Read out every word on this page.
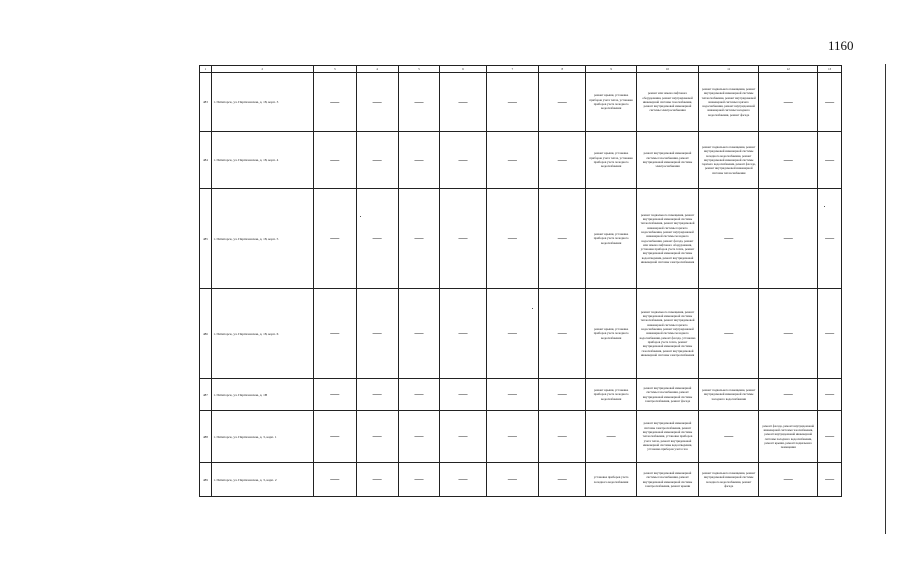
1160
1	2	3	4	5	6	7	8	9	10	11	12	13
483	г. Пятигорск, ул. Партизанская, д. 18, корп. 3	—	—	—	—	—	—	ремонт крыши, установка приборов учета тепла, установка приборов учета холодного водоснабжения	ремонт или замена лифтового оборудования, ремонт внутридомовой инженерной системы газоснабжения, ремонт внутридомовой инженерной системы электроснабжения	ремонт подвального помещения, ремонт внутридомовой инженерной системы теплоснабжения, ремонт внутридомовой инженерной системы горячего водоснабжения, ремонт внутридомовой инженерной системы холодного водоснабжения, ремонт фасада	—	—
484	г. Пятигорск, ул. Партизанская, д. 18, корп. 4	—	—	—	—	—	—	ремонт крыши, установка приборов учета тепла, установка приборов учета холодного водоснабжения	ремонт внутридомовой инженерной системы газоснабжения, ремонт внутридомовой инженерной системы электроснабжения	ремонт подвального помещения, ремонт внутридомовой инженерной системы холодного водоснабжения, ремонт внутридомовой инженерной системы горячего водоснабжения, ремонт фасада, ремонт внутридомовой инженерной системы теплоснабжения	—	—
485	г. Пятигорск, ул. Партизанская, д. 18, корп. 5	—	—	—	—	—	—	ремонт крыши, установка приборов учета холодного водоснабжения	ремонт подвального помещения, ремонт внутридомовой инженерной системы теплоснабжения, ремонт внутридомовой инженерной системы горячего водоснабжения, ремонт внутридомовой инженерной системы холодного водоснабжения, ремонт фасада, ремонт или замена лифтового оборудования, установка приборов учета тепла, ремонт внутридомовой инженерной системы водоотведения, ремонт внутридомовой инженерной системы электроснабжения	—	—	—
486	г. Пятигорск, ул. Партизанская, д. 18, корп. 6	—	—	—	—	—	—	ремонт крыши, установка приборов учета холодного водоснабжения	ремонт подвального помещения, ремонт внутридомовой инженерной системы теплоснабжения, ремонт внутридомовой инженерной системы горячего водоснабжения, ремонт внутридомовой инженерной системы холодного водоснабжения, ремонт фасада, установка приборов учета тепла, ремонт внутридомовой инженерной системы газоснабжения, ремонт внутридомовой инженерной системы электроснабжения	—	—	—
487	г. Пятигорск, ул. Партизанская, д. 1В	—	—	—	—	—	—	ремонт крыши, установка приборов учета холодного водоснабжения	ремонт внутридомовой инженерной системы газоснабжения, ремонт внутридомовой инженерной системы электроснабжения, ремонт фасада	ремонт подвального помещения, ремонт внутридомовой инженерной системы холодного водоснабжения	—	—
488	г. Пятигорск, ул. Партизанская, д. 3, корп. 1	—	—	—	—	—	—	—	ремонт внутридомовой инженерной системы электроснабжения, ремонт внутридомовой инженерной системы теплоснабжения, установка приборов учета тепла, ремонт внутридомовой инженерной системы водоотведения, установка приборов учета газа	—	ремонт фасада, ремонт внутридомовой инженерной системы газоснабжения, ремонт внутридомовой инженерной системы холодного водоснабжения, ремонт крыши, ремонт подвального помещения	—
489	г. Пятигорск, ул. Партизанская, д. 3, корп. 2	—	—	—	—	—	—	установка приборов учета холодного водоснабжения	ремонт внутридомовой инженерной системы газоснабжения, ремонт внутридомовой инженерной системы электроснабжения, ремонт крыши	ремонт подвального помещения, ремонт внутридомовой инженерной системы холодного водоснабжения, ремонт фасада	—	—
